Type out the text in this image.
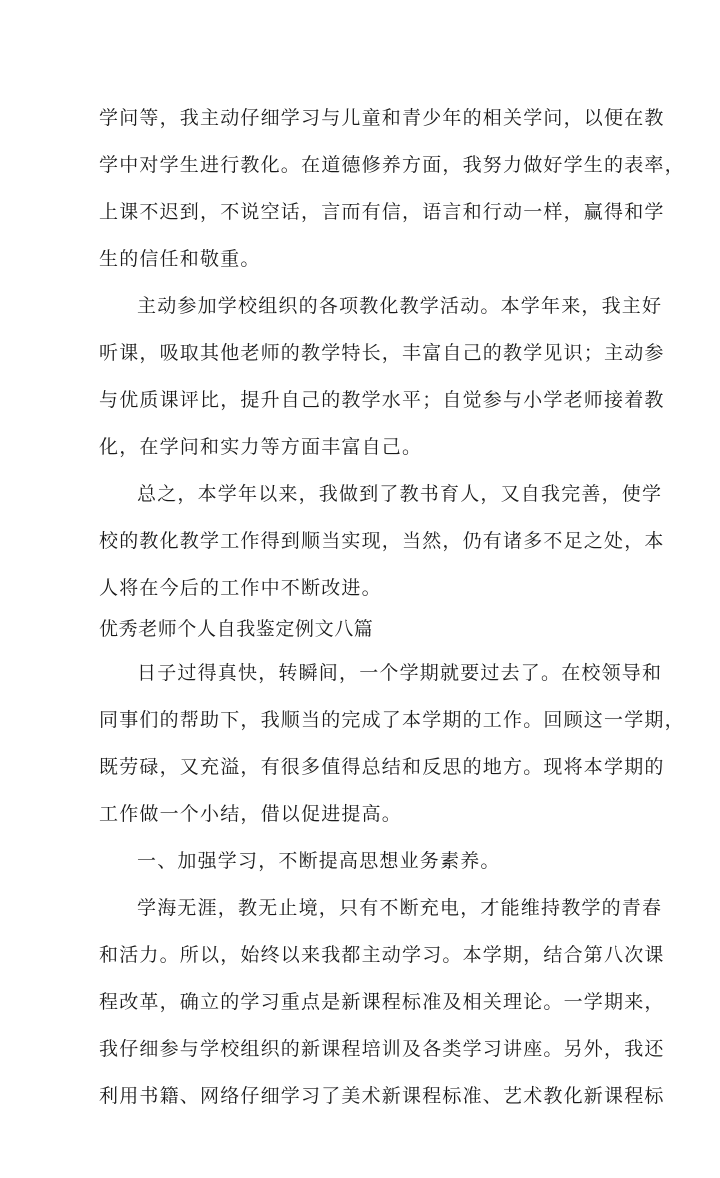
学问等，我主动仔细学习与儿童和青少年的相关学问，以便在教
学中对学生进行教化。在道德修养方面，我努力做好学生的表率，
上课不迟到，不说空话，言而有信，语言和行动一样，赢得和学
生的信任和敬重。
主动参加学校组织的各项教化教学活动。本学年来，我主好
听课，吸取其他老师的教学特长，丰富自己的教学见识；主动参
与优质课评比，提升自己的教学水平；自觉参与小学老师接着教
化，在学问和实力等方面丰富自己。
总之，本学年以来，我做到了教书育人，又自我完善，使学
校的教化教学工作得到顺当实现，当然，仍有诸多不足之处，本
人将在今后的工作中不断改进。
优秀老师个人自我鉴定例文八篇
日子过得真快，转瞬间，一个学期就要过去了。在校领导和
同事们的帮助下，我顺当的完成了本学期的工作。回顾这一学期，
既劳碌，又充溢，有很多值得总结和反思的地方。现将本学期的
工作做一个小结，借以促进提高。
一、加强学习，不断提高思想业务素养。
学海无涯，教无止境，只有不断充电，才能维持教学的青春
和活力。所以，始终以来我都主动学习。本学期，结合第八次课
程改革，确立的学习重点是新课程标准及相关理论。一学期来，
我仔细参与学校组织的新课程培训及各类学习讲座。另外，我还
利用书籍、网络仔细学习了美术新课程标准、艺术教化新课程标
